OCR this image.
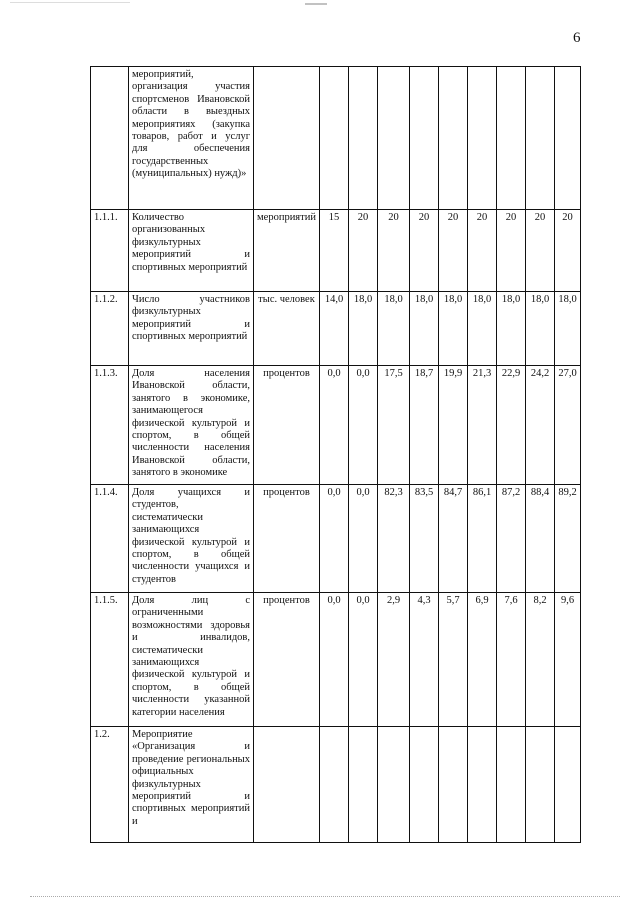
6
	мероприятий, организация участия спортсменов Ивановской области в выездных мероприятиях (закупка товаров, работ и услуг для обеспечения государственных (муниципальных) нужд)»										
1.1.1.	Количество организованных физкультурных мероприятий и спортивных мероприятий	мероприятий	15	20	20	20	20	20	20	20	20
1.1.2.	Число участников физкультурных мероприятий и спортивных мероприятий	тыс. человек	14,0	18,0	18,0	18,0	18,0	18,0	18,0	18,0	18,0
1.1.3.	Доля населения Ивановской области, занятого в экономике, занимающегося физической культурой и спортом, в общей численности населения Ивановской области, занятого в экономике	процентов	0,0	0,0	17,5	18,7	19,9	21,3	22,9	24,2	27,0
1.1.4.	Доля учащихся и студентов, систематически занимающихся физической культурой и спортом, в общей численности учащихся и студентов	процентов	0,0	0,0	82,3	83,5	84,7	86,1	87,2	88,4	89,2
1.1.5.	Доля лиц с ограниченными возможностями здоровья и инвалидов, систематически занимающихся физической культурой и спортом, в общей численности указанной категории населения	процентов	0,0	0,0	2,9	4,3	5,7	6,9	7,6	8,2	9,6
1.2.	Мероприятие «Организация и проведение региональных официальных физкультурных мероприятий и спортивных мероприятий и										
